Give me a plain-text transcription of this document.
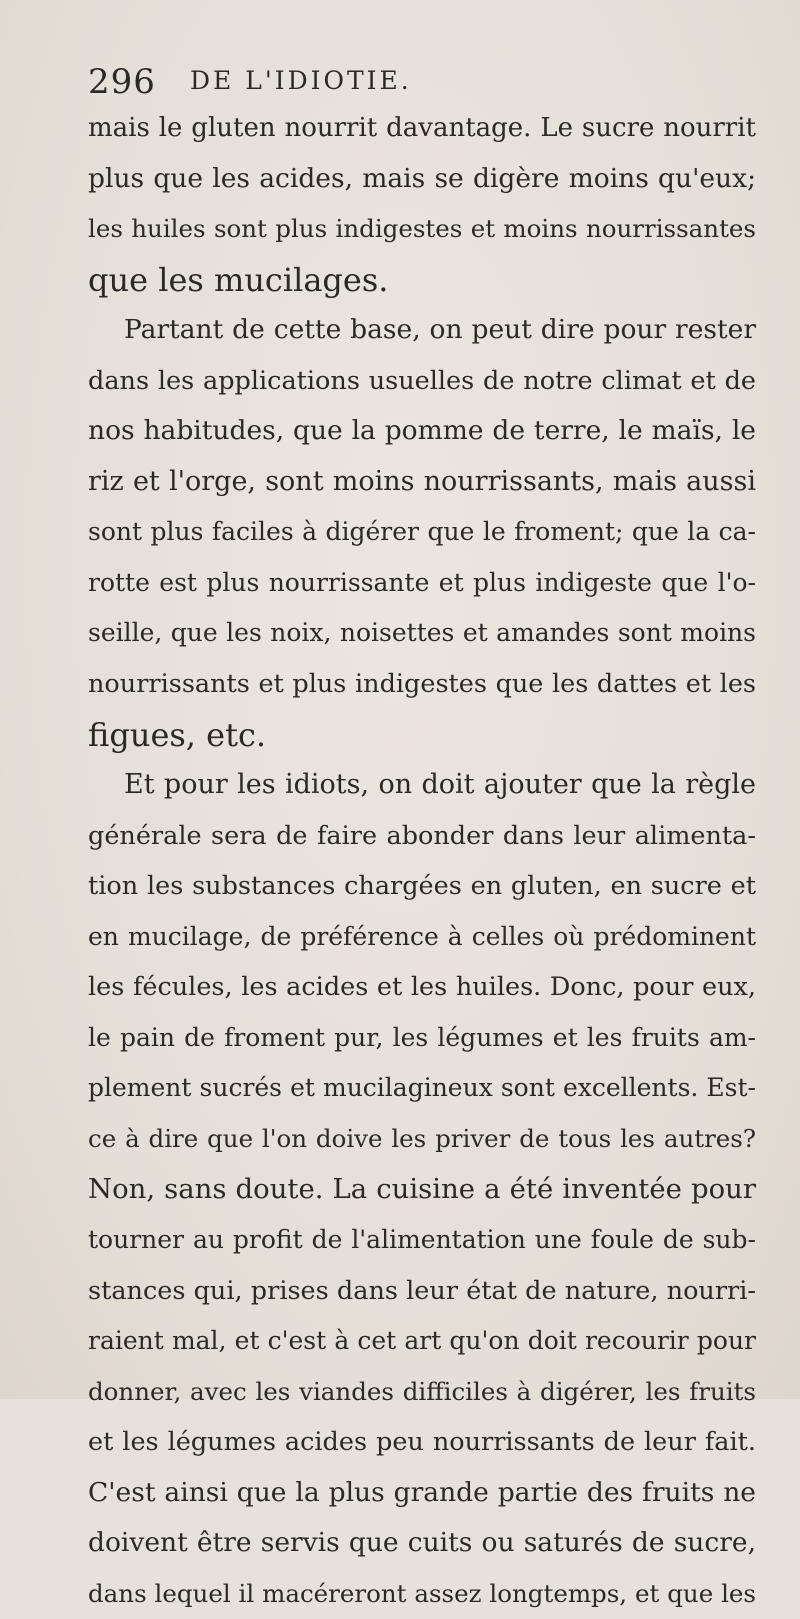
296 DE L'IDIOTIE.
mais le gluten nourrit davantage. Le sucre nourrit
plus que les acides, mais se digère moins qu'eux;
les huiles sont plus indigestes et moins nourrissantes
que les mucilages.
Partant de cette base, on peut dire pour rester
dans les applications usuelles de notre climat et de
nos habitudes, que la pomme de terre, le maïs, le
riz et l'orge, sont moins nourrissants, mais aussi
sont plus faciles à digérer que le froment; que la ca-
rotte est plus nourrissante et plus indigeste que l'o-
seille, que les noix, noisettes et amandes sont moins
nourrissants et plus indigestes que les dattes et les
figues, etc.
Et pour les idiots, on doit ajouter que la règle
générale sera de faire abonder dans leur alimenta-
tion les substances chargées en gluten, en sucre et
en mucilage, de préférence à celles où prédominent
les fécules, les acides et les huiles. Donc, pour eux,
le pain de froment pur, les légumes et les fruits am-
plement sucrés et mucilagineux sont excellents. Est-
ce à dire que l'on doive les priver de tous les autres?
Non, sans doute. La cuisine a été inventée pour
tourner au profit de l'alimentation une foule de sub-
stances qui, prises dans leur état de nature, nourri-
raient mal, et c'est à cet art qu'on doit recourir pour
donner, avec les viandes difficiles à digérer, les fruits
et les légumes acides peu nourrissants de leur fait.
C'est ainsi que la plus grande partie des fruits ne
doivent être servis que cuits ou saturés de sucre,
dans lequel il macéreront assez longtemps, et que les
